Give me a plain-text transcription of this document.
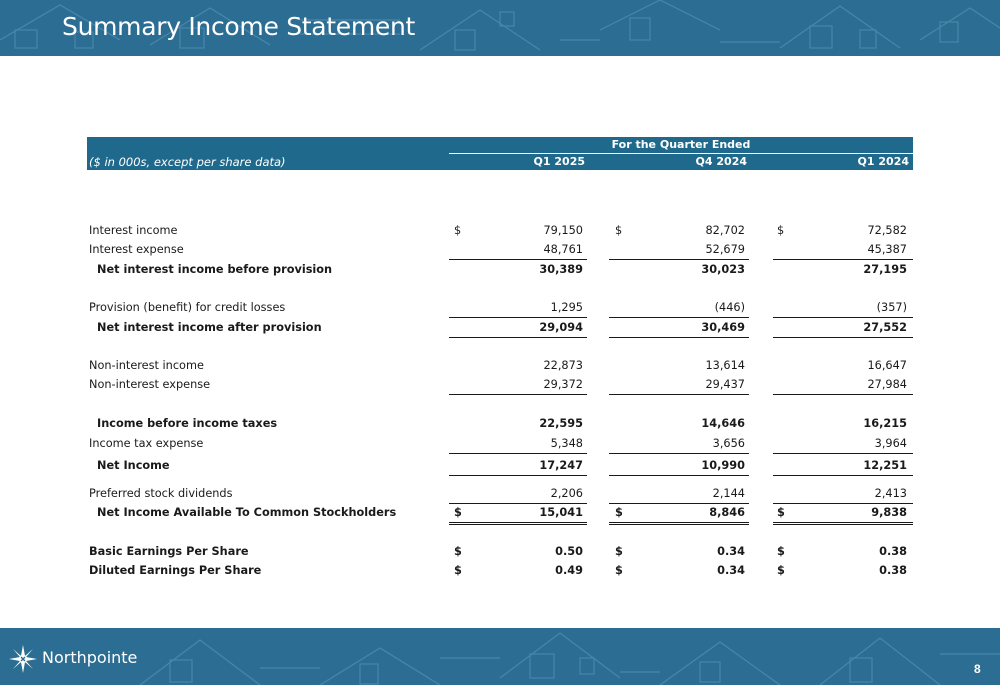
Summary Income Statement
For the Quarter Ended
($ in 000s, except per share data)	Q1 2025	Q4 2024	Q1 2024
Interest income	$	79,150	$	82,702	$	72,582
Interest expense	48,761	52,679	45,387
Net interest income before provision	30,389	30,023	27,195
Provision (benefit) for credit losses	1,295	(446)	(357)
Net interest income after provision	29,094	30,469	27,552
Non-interest income	22,873	13,614	16,647
Non-interest expense	29,372	29,437	27,984
Income before income taxes	22,595	14,646	16,215
Income tax expense	5,348	3,656	3,964
Net Income	17,247	10,990	12,251
Preferred stock dividends	2,206	2,144	2,413
Net Income Available To Common Stockholders	$	15,041	$	8,846	$	9,838
Basic Earnings Per Share	$	0.50	$	0.34	$	0.38
Diluted Earnings Per Share	$	0.49	$	0.34	$	0.38
Northpointe
8
